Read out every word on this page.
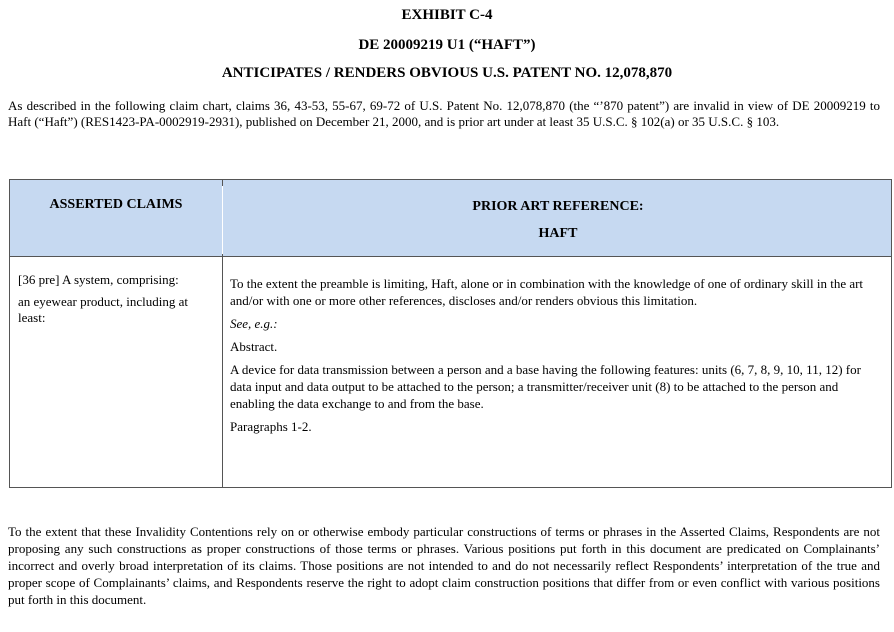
EXHIBIT C-4
DE 20009219 U1 (“HAFT”)
ANTICIPATES / RENDERS OBVIOUS U.S. PATENT NO. 12,078,870

As described in the following claim chart, claims 36, 43-53, 55-67, 69-72 of U.S. Patent No. 12,078,870 (the “’870 patent”) are invalid in view of DE 20009219 to Haft (“Haft”) (RES1423-PA-0002919-2931), published on December 21, 2000, and is prior art under at least 35 U.S.C. § 102(a) or 35 U.S.C. § 103.

ASSERTED CLAIMS	PRIOR ART REFERENCE:
HAFT

[36 pre] A system, comprising:

an eyewear product, including at least:

To the extent the preamble is limiting, Haft, alone or in combination with the knowledge of one of ordinary skill in the art and/or with one or more other references, discloses and/or renders obvious this limitation.

See, e.g.:

Abstract.

A device for data transmission between a person and a base having the following features: units (6, 7, 8, 9, 10, 11, 12) for data input and data output to be attached to the person; a transmitter/receiver unit (8) to be attached to the person and enabling the data exchange to and from the base.

Paragraphs 1-2.

To the extent that these Invalidity Contentions rely on or otherwise embody particular constructions of terms or phrases in the Asserted Claims, Respondents are not proposing any such constructions as proper constructions of those terms or phrases. Various positions put forth in this document are predicated on Complainants’ incorrect and overly broad interpretation of its claims. Those positions are not intended to and do not necessarily reflect Respondents’ interpretation of the true and proper scope of Complainants’ claims, and Respondents reserve the right to adopt claim construction positions that differ from or even conflict with various positions put forth in this document.
